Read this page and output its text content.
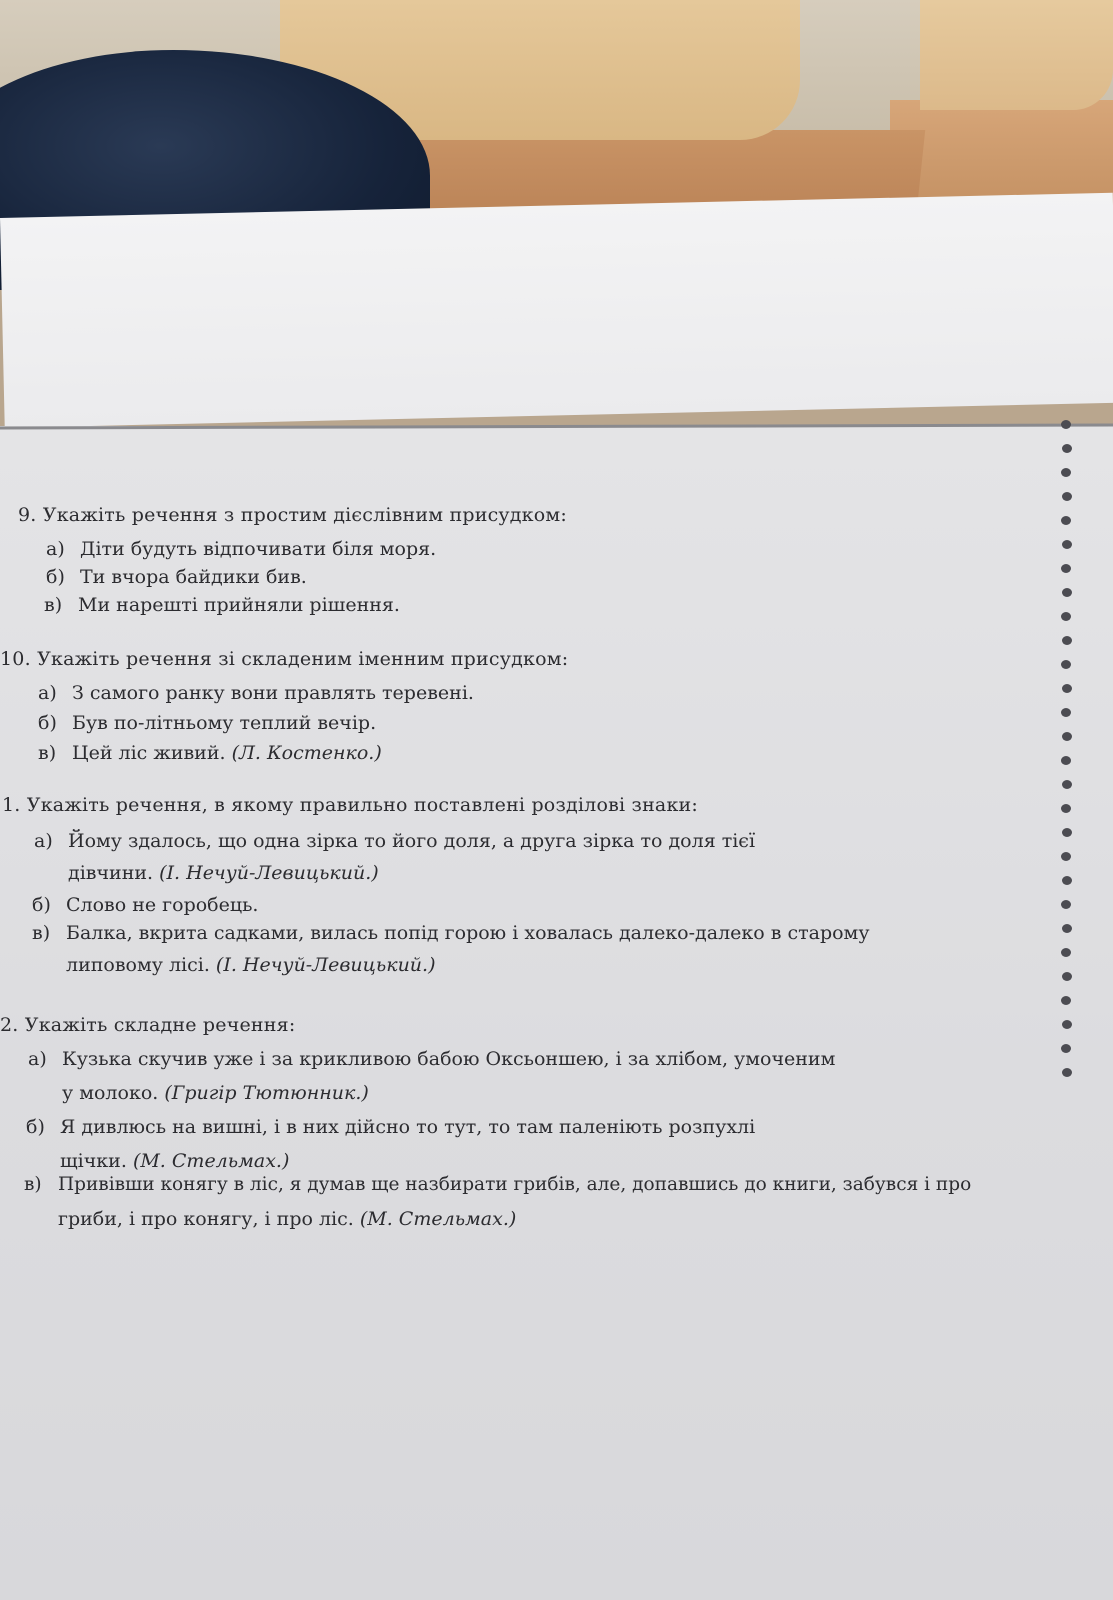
9. Укажіть речення з простим дієслівним присудком:
а) Діти будуть відпочивати біля моря.
б) Ти вчора байдики бив.
в) Ми нарешті прийняли рішення.
10. Укажіть речення зі складеним іменним присудком:
а) З самого ранку вони правлять теревені.
б) Був по-літньому теплий вечір.
в) Цей ліс живий. (Л. Костенко.)
1. Укажіть речення, в якому правильно поставлені розділові знаки:
а) Йому здалось, що одна зірка то його доля, а друга зірка то доля тієї
дівчини. (І. Нечуй-Левицький.)
б) Слово не горобець.
в) Балка, вкрита садками, вилась попід горою і ховалась далеко-далеко в старому
липовому лісі. (І. Нечуй-Левицький.)
2. Укажіть складне речення:
а) Кузька скучив уже і за крикливою бабою Оксьоншею, і за хлібом, умоченим
у молоко. (Григір Тютюнник.)
б) Я дивлюсь на вишні, і в них дійсно то тут, то там паленіють розпухлі
щічки. (М. Стельмах.)
в) Привівши конягу в ліс, я думав ще назбирати грибів, але, допавшись до книги, забувся і про
гриби, і про конягу, і про ліс. (М. Стельмах.)
